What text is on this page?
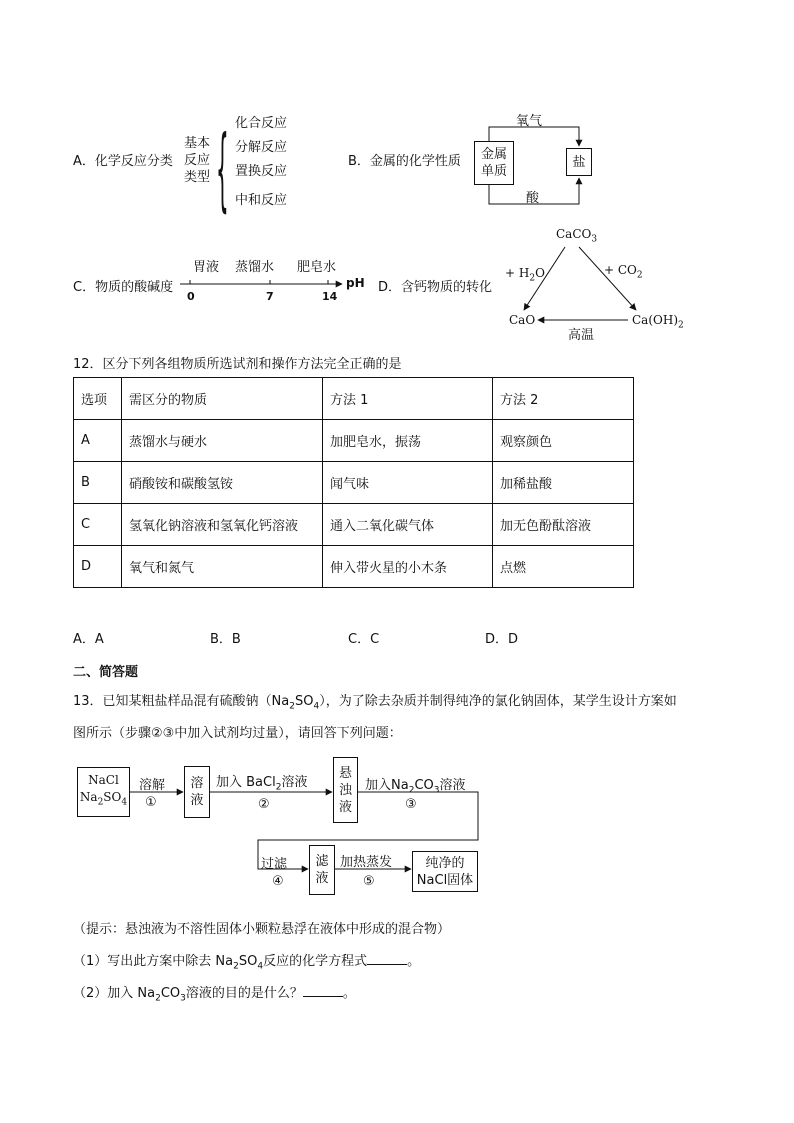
A．化学反应分类
基本
反应
类型 { 化合反应
分解反应
置换反应
中和反应
B．金属的化学性质 金属
单质
盐
氧气
酸
C．物质的酸碱度
胃液 蒸馏水 肥皂水
0	7	14
pH D．含钙物质的转化
CaCO$_3$
CaO	$Ca(OH)_2$
+ $H_2O$	+ $CO_2$
高温
12．区分下列各组物质所选试剂和操作方法完全正确的是
选项	需区分的物质	方法 1	方法 2
A	蒸馏水与硬水	加肥皂水，振荡	观察颜色
B	硝酸铵和碳酸氢铵	闻气味	加稀盐酸
C	氢氧化钠溶液和氢氧化钙溶液	通入二氧化碳气体	加无色酚酞溶液
D	氧气和氮气	伸入带火星的小木条	点燃
A．A	B．B	C．C	D．D
二、简答题
13．已知某粗盐样品混有硫酸钠$(Na_2SO_4)$，为了除去杂质并制得纯净的氯化钠固体，某学生设计方案如
图所示（步骤②③中加入试剂均过量），请回答下列问题：
NaCl
$Na_2SO_4$
溶解
①
溶
液
加入 BaCl$_2$溶液
②
悬
浊
液
加入$Na_2CO_3$溶液
③
过滤
④
滤
液
加热蒸发
⑤
纯净的
NaCl固体
（提示：悬浊液为不溶性固体小颗粒悬浮在液体中形成的混合物）
（1）写出此方案中除去 $Na_2SO_4$反应的化学方程式	。
（2）加入 $Na_2CO_3$溶液的目的是什么？	。
